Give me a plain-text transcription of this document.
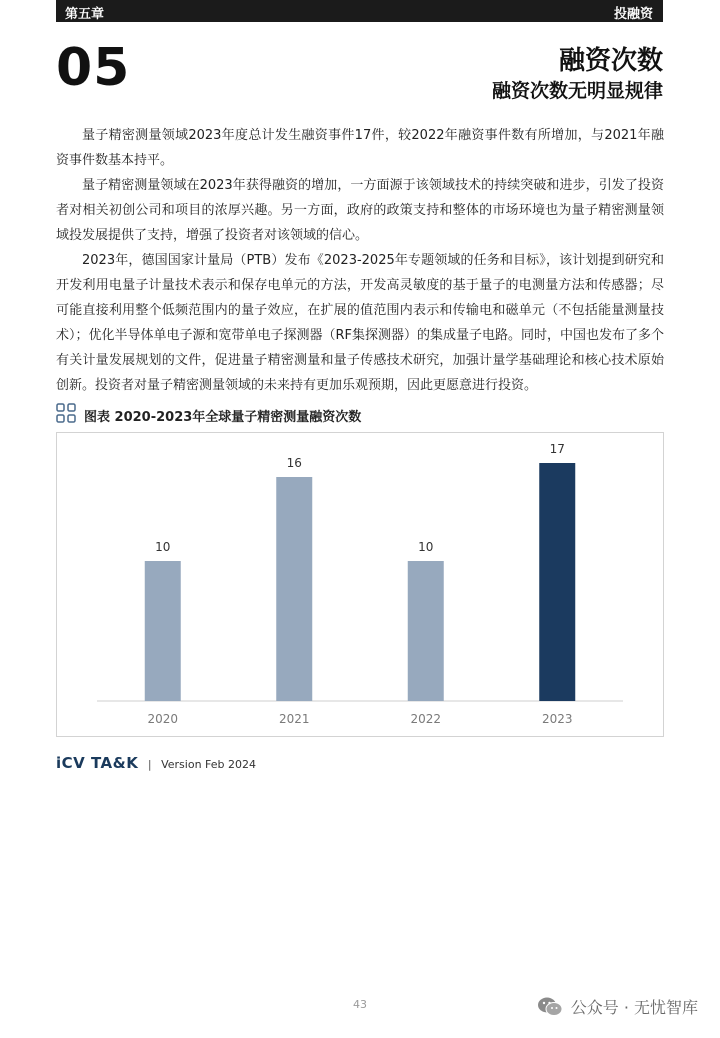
第五章	投融资
05	融资次数
融资次数无明显规律

量子精密测量领域2023年度总计发生融资事件17件，较2022年融资事件数有所增加，与2021年融资事件数基本持平。

量子精密测量领域在2023年获得融资的增加，一方面源于该领域技术的持续突破和进步，引发了投资者对相关初创公司和项目的浓厚兴趣。另一方面，政府的政策支持和整体的市场环境也为量子精密测量领域投发展提供了支持，增强了投资者对该领域的信心。

2023年，德国国家计量局（PTB）发布《2023-2025年专题领域的任务和目标》，该计划提到研究和开发利用电量子计量技术表示和保存电单元的方法，开发高灵敏度的基于量子的电测量方法和传感器；尽可能直接利用整个低频范围内的量子效应，在扩展的值范围内表示和传输电和磁单元（不包括能量测量技术）；优化半导体单电子源和宽带单电子探测器（RF集探测器）的集成量子电路。同时，中国也发布了多个有关计量发展规划的文件，促进量子精密测量和量子传感技术研究，加强计量学基础理论和核心技术原始创新。投资者对量子精密测量领域的未来持有更加乐观预期，因此更愿意进行投资。

图表 2020-2023年全球量子精密测量融资次数
10
2020
16
2021
10
2022
17
2023
iCV TA&K | Version Feb 2024
43	公众号 · 无忧智库
